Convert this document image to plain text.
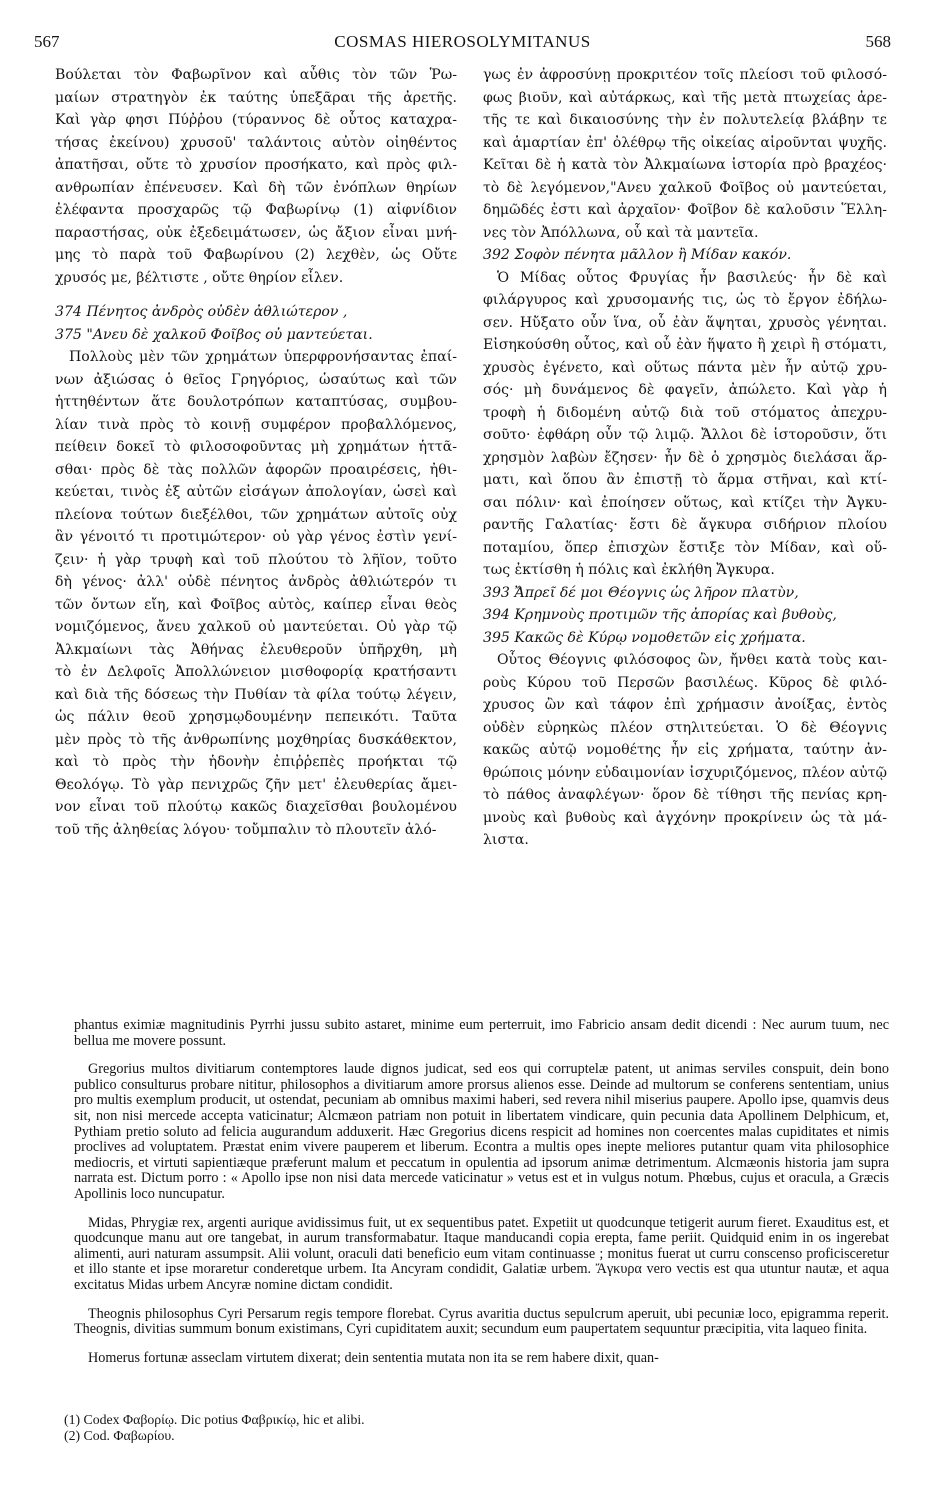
567	COSMAS HIEROSOLYMITANUS	568
Βούλεται τὸν Φαβωρῖνον καὶ αὖθις τὸν τῶν Ῥω-
μαίων στρατηγὸν ἐκ ταύτης ὑπεξᾶραι τῆς ἀρετῆς.
Καὶ γὰρ φησι Πύῤῥου (τύραννος δὲ οὗτος καταχρα-
τήσας ἐκείνου) χρυσοῦ' ταλάντοις αὐτὸν οἰηθέντος
ἀπατῆσαι, οὔτε τὸ χρυσίον προσήκατο, καὶ πρὸς φιλ-
ανθρωπίαν ἐπένευσεν. Καὶ δὴ τῶν ἐνόπλων θηρίων
ἐλέφαντα προσχαρῶς τῷ Φαβωρίνῳ (1) αἰφνίδιον
παραστήσας, οὐκ ἐξεδειμάτωσεν, ὡς ἄξιον εἶναι μνή-
μης τὸ παρὰ τοῦ Φαβωρίνου (2) λεχθὲν, ὡς Οὔτε
χρυσός με, βέλτιστε , οὔτε θηρίον εἷλεν.
374 Πένητος ἀνδρὸς οὐδὲν ἀθλιώτερον ,
375 "Ανευ δὲ χαλκοῦ Φοῖβος οὐ μαντεύεται.
Πολλοὺς μὲν τῶν χρημάτων ὑπερφρονήσαντας ἐπαί-
νων ἀξιώσας ὁ θεῖος Γρηγόριος, ὡσαύτως καὶ τῶν
ἡττηθέντων ἅτε δουλοτρόπων καταπτύσας, συμβου-
λίαν τινὰ πρὸς τὸ κοινῇ συμφέρον προβαλλόμενος,
πείθειν δοκεῖ τὸ φιλοσοφοῦντας μὴ χρημάτων ἡττᾶ-
σθαι· πρὸς δὲ τὰς πολλῶν ἀφορῶν προαιρέσεις, ἠθι-
κεύεται, τινὸς ἐξ αὐτῶν εἰσάγων ἀπολογίαν, ὡσεὶ καὶ
πλείονα τούτων διεξέλθοι, τῶν χρημάτων αὐτοῖς οὐχ
ἂν γένοιτό τι προτιμώτερον· οὐ γὰρ γένος ἐστὶν γενί-
ζειν· ἡ γὰρ τρυφὴ καὶ τοῦ πλούτου τὸ λῆϊον, τοῦτο
δὴ γένος· ἀλλ' οὐδὲ πένητος ἀνδρὸς ἀθλιώτερόν τι
τῶν ὄντων εἴη, καὶ Φοῖβος αὐτὸς, καίπερ εἶναι θεὸς
νομιζόμενος, ἄνευ χαλκοῦ οὐ μαντεύεται. Οὐ γὰρ τῷ
Ἀλκμαίωνι τὰς Ἀθήνας ἐλευθεροῦν ὑπῆρχθη, μὴ
τὸ ἐν Δελφοῖς Ἀπολλώνειον μισθοφορίᾳ κρατήσαντι
καὶ διὰ τῆς δόσεως τὴν Πυθίαν τὰ φίλα τούτῳ λέγειν,
ὡς πάλιν θεοῦ χρησμῳδουμένην πεπεικότι. Ταῦτα
μὲν πρὸς τὸ τῆς ἀνθρωπίνης μοχθηρίας δυσκάθεκτον,
καὶ τὸ πρὸς τὴν ἡδονὴν ἐπιῤῥεπὲς προήκται τῷ
Θεολόγῳ. Τὸ γὰρ πενιχρῶς ζῆν μετ' ἐλευθερίας ἄμει-
νον εἶναι τοῦ πλούτῳ κακῶς διαχεῖσθαι βουλομένου
τοῦ τῆς ἀληθείας λόγου· τοὔμπαλιν τὸ πλουτεῖν ἀλό-
γως ἐν ἀφροσύνῃ προκριτέον τοῖς πλείοσι τοῦ φιλοσό-
φως βιοῦν, καὶ αὐτάρκως, καὶ τῆς μετὰ πτωχείας ἀρε-
τῆς τε καὶ δικαιοσύνης τὴν ἐν πολυτελείᾳ βλάβην τε
καὶ ἁμαρτίαν ἐπ' ὀλέθρῳ τῆς οἰκείας αἱροῦνται ψυχῆς.
Κεῖται δὲ ἡ κατὰ τὸν Ἀλκμαίωνα ἱστορία πρὸ βραχέος·
τὸ δὲ λεγόμενον,"Ανευ χαλκοῦ Φοῖβος οὐ μαντεύεται,
δημῶδές ἐστι καὶ ἀρχαῖον· Φοῖβον δὲ καλοῦσιν Ἕλλη-
νες τὸν Ἀπόλλωνα, οὗ καὶ τὰ μαντεῖα.
392 Σοφὸν πένητα μᾶλλον ἢ Μίδαν κακόν.
Ὁ Μίδας οὗτος Φρυγίας ἦν βασιλεύς· ἦν δὲ καὶ
φιλάργυρος καὶ χρυσομανής τις, ὡς τὸ ἔργον ἐδήλω-
σεν. Ηὔξατο οὖν ἵνα, οὗ ἐὰν ἅψηται, χρυσὸς γένηται.
Εἰσηκούσθη οὗτος, καὶ οὗ ἐὰν ἥψατο ἢ χειρὶ ἢ στόματι,
χρυσὸς ἐγένετο, καὶ οὕτως πάντα μὲν ἦν αὐτῷ χρυ-
σός· μὴ δυνάμενος δὲ φαγεῖν, ἀπώλετο. Καὶ γὰρ ἡ
τροφὴ ἡ διδομένη αὐτῷ διὰ τοῦ στόματος ἀπεχρυ-
σοῦτο· ἐφθάρη οὖν τῷ λιμῷ. Ἄλλοι δὲ ἱστοροῦσιν, ὅτι
χρησμὸν λαβὼν ἔζησεν· ἦν δὲ ὁ χρησμὸς διελάσαι ἅρ-
ματι, καὶ ὅπου ἂν ἐπιστῇ τὸ ἅρμα στῆναι, καὶ κτί-
σαι πόλιν· καὶ ἐποίησεν οὕτως, καὶ κτίζει τὴν Ἀγκυ-
ραντῆς Γαλατίας· ἔστι δὲ ἄγκυρα σιδήριον πλοίου
ποταμίου, ὅπερ ἐπισχὼν ἔστιξε τὸν Μίδαν, καὶ οὕ-
τως ἐκτίσθη ἡ πόλις καὶ ἐκλήθη Ἄγκυρα.
393 Ἄπρεῖ δέ μοι Θέογνις ὡς λῆρον πλατὺν,
394 Κρημνοὺς προτιμῶν τῆς ἀπορίας καὶ βυθοὺς,
395 Κακῶς δὲ Κύρῳ νομοθετῶν εἰς χρήματα.
Οὗτος Θέογνις φιλόσοφος ὢν, ἤνθει κατὰ τοὺς και-
ροὺς Κύρου τοῦ Περσῶν βασιλέως. Κῦρος δὲ φιλό-
χρυσος ὢν καὶ τάφον ἐπὶ χρήμασιν ἀνοίξας, ἐντὸς
οὐδὲν εὑρηκὼς πλέον στηλιτεύεται. Ὁ δὲ Θέογνις
κακῶς αὐτῷ νομοθέτης ἦν εἰς χρήματα, ταύτην ἀν-
θρώποις μόνην εὐδαιμονίαν ἰσχυριζόμενος, πλέον αὐτῷ
τὸ πάθος ἀναφλέγων· ὅρον δὲ τίθησι τῆς πενίας κρη-
μνοὺς καὶ βυθοὺς καὶ ἀγχόνην προκρίνειν ὡς τὰ μά-
λιστα.

phantus eximiæ magnitudinis Pyrrhi jussu subito astaret, minime eum perterruit, imo Fabricio ansam dedit dicendi : Nec aurum tuum, nec bellua me movere possunt.

Gregorius multos divitiarum contemptores laude dignos judicat, sed eos qui corruptelæ patent, ut animas serviles conspuit, dein bono publico consulturus probare nititur, philosophos a divitiarum amore prorsus alienos esse. Deinde ad multorum se conferens sententiam, unius pro multis exemplum producit, ut ostendat, pecuniam ab omnibus maximi haberi, sed revera nihil miserius paupere. Apollo ipse, quamvis deus sit, non nisi mercede accepta vaticinatur; Alcmæon patriam non potuit in libertatem vindicare, quin pecunia data Apollinem Delphicum, et, Pythiam pretio soluto ad felicia augurandum adduxerit. Hæc Gregorius dicens respicit ad homines non coercentes malas cupiditates et nimis proclives ad voluptatem. Præstat enim vivere pauperem et liberum. Econtra a multis opes inepte meliores putantur quam vita philosophice mediocris, et virtuti sapientiæque præferunt malum et peccatum in opulentia ad ipsorum animæ detrimentum. Alcmæonis historia jam supra narrata est. Dictum porro : « Apollo ipse non nisi data mercede vaticinatur » vetus est et in vulgus notum. Phœbus, cujus et oracula, a Græcis Apollinis loco nuncupatur.

Midas, Phrygiæ rex, argenti aurique avidissimus fuit, ut ex sequentibus patet. Expetiit ut quodcunque tetigerit aurum fieret. Exauditus est, et quodcunque manu aut ore tangebat, in aurum transformabatur. Itaque manducandi copia erepta, fame periit. Quidquid enim in os ingerebat alimenti, auri naturam assumpsit. Alii volunt, oraculi dati beneficio eum vitam continuasse ; monitus fuerat ut curru conscenso proficisceretur et illo stante et ipse moraretur conderetque urbem. Ita Ancyram condidit, Galatiæ urbem. Ἄγκυρα vero vectis est qua utuntur nautæ, et aqua excitatus Midas urbem Ancyræ nomine dictam condidit.

Theognis philosophus Cyri Persarum regis tempore florebat. Cyrus avaritia ductus sepulcrum aperuit, ubi pecuniæ loco, epigramma reperit. Theognis, divitias summum bonum existimans, Cyri cupiditatem auxit; secundum eum paupertatem sequuntur præcipitia, vita laqueo finita.

Homerus fortunæ asseclam virtutem dixerat; dein sententia mutata non ita se rem habere dixit, quan-

(1) Codex Φαβορίῳ. Dic potius Φαβρικίῳ, hic et alibi.
(2) Cod. Φαβωρίου.
